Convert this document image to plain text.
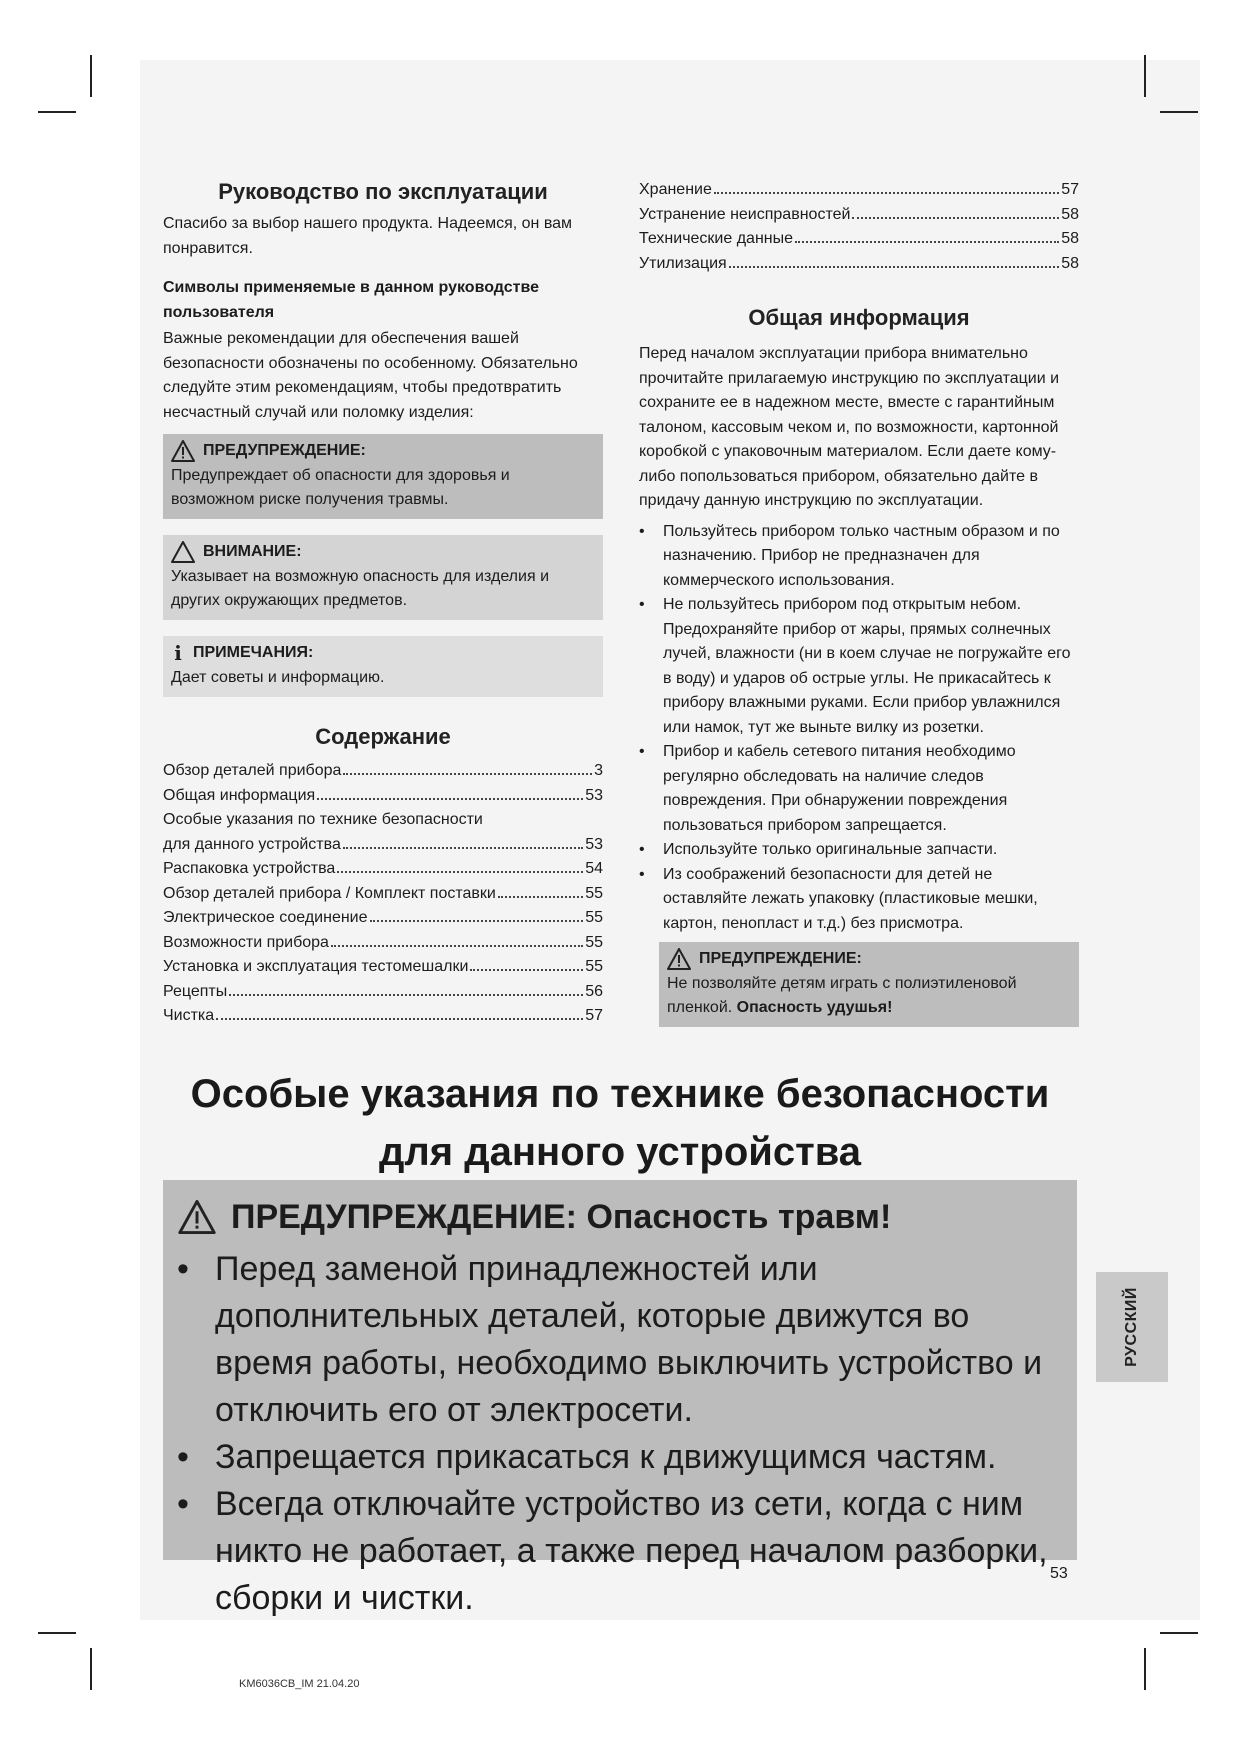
Руководство по эксплуатации

Спасибо за выбор нашего продукта. Надеемся, он вам понравится.

Символы применяемые в данном руководстве пользователя

Важные рекомендации для обеспечения вашей безопасности обозначены по особенному. Обязательно следуйте этим рекомендациям, чтобы предотвратить несчастный случай или поломку изделия:

ПРЕДУПРЕЖДЕНИЕ:
Предупреждает об опасности для здоровья и возможном риске получения травмы.
ВНИМАНИЕ:
Указывает на возможную опасность для изделия и других окружающих предметов.
i ПРИМЕЧАНИЯ:
Дает советы и информацию.
Содержание
Обзор деталей прибора	3
Общая информация	53
Особые указания по технике безопасности
для данного устройства	53
Распаковка устройства	54
Обзор деталей прибора / Комплект поставки	55
Электрическое соединение	55
Возможности прибора	55
Установка и эксплуатация тестомешалки	55
Рецепты	56
Чистка	57
Хранение	57
Устранение неисправностей	58
Технические данные	58
Утилизация	58
Общая информация

Перед началом эксплуатации прибора внимательно прочитайте прилагаемую инструкцию по эксплуатации и сохраните ее в надежном месте, вместе с гарантийным талоном, кассовым чеком и, по возможности, картонной коробкой с упаковочным материалом. Если даете кому-либо попользоваться прибором, обязательно дайте в придачу данную инструкцию по эксплуатации.

• Пользуйтесь прибором только частным образом и по назначению. Прибор не предназначен для коммерческого использования.
• Не пользуйтесь прибором под открытым небом. Предохраняйте прибор от жары, прямых солнечных лучей, влажности (ни в коем случае не погружайте его в воду) и ударов об острые углы. Не прикасайтесь к прибору влажными руками. Если прибор увлажнился или намок, тут же выньте вилку из розетки.
• Прибор и кабель сетевого питания необходимо регулярно обследовать на наличие следов повреждения. При обнаружении повреждения пользоваться прибором запрещается.
• Используйте только оригинальные запчасти.
• Из соображений безопасности для детей не оставляйте лежать упаковку (пластиковые мешки, картон, пенопласт и т.д.) без присмотра.
ПРЕДУПРЕЖДЕНИЕ:
Не позволяйте детям играть с полиэтиленовой пленкой. Опасность удушья!
Особые указания по технике безопасности
для данного устройства
ПРЕДУПРЕЖДЕНИЕ: Опасность травм!
• Перед заменой принадлежностей или дополнительных деталей, которые движутся во время работы, необходимо выключить устройство и отключить его от электросети.
• Запрещается прикасаться к движущимся частям.
• Всегда отключайте устройство из сети, когда с ним никто не работает, а также перед началом разборки, сборки и чистки.
РУССКИЙ
53
KM6036CB_IM 21.04.20
